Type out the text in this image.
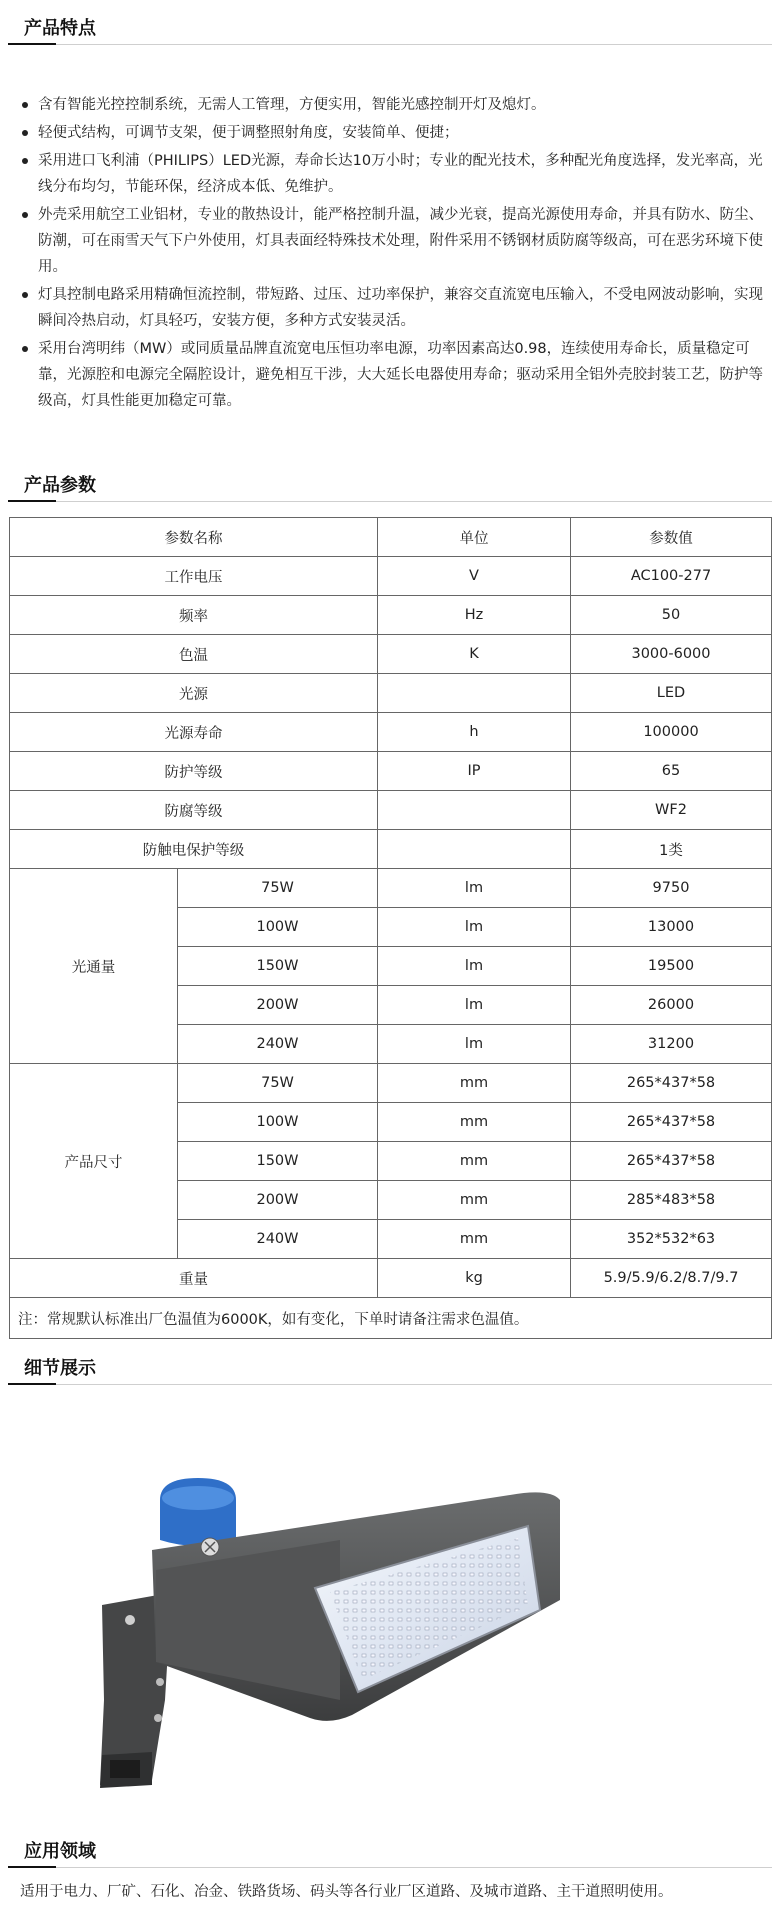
产品特点
含有智能光控控制系统，无需人工管理，方便实用，智能光感控制开灯及熄灯。
轻便式结构，可调节支架，便于调整照射角度，安装简单、便捷；
采用进口飞利浦（PHILIPS）LED光源，寿命长达10万小时；专业的配光技术，多种配光角度选择，发光率高，光线分布均匀，节能环保，经济成本低、免维护。
外壳采用航空工业铝材，专业的散热设计，能严格控制升温，减少光衰，提高光源使用寿命，并具有防水、防尘、防潮，可在雨雪天气下户外使用，灯具表面经特殊技术处理，附件采用不锈钢材质防腐等级高，可在恶劣环境下使用。
灯具控制电路采用精确恒流控制，带短路、过压、过功率保护，兼容交直流宽电压输入，不受电网波动影响，实现瞬间冷热启动，灯具轻巧，安装方便，多种方式安装灵活。
采用台湾明纬（MW）或同质量品牌直流宽电压恒功率电源，功率因素高达0.98，连续使用寿命长，质量稳定可靠，光源腔和电源完全隔腔设计，避免相互干涉，大大延长电器使用寿命；驱动采用全铝外壳胶封装工艺，防护等级高，灯具性能更加稳定可靠。
产品参数
参数名称		单位	参数值
工作电压		V	AC100-277
频率		Hz	50
色温		K	3000-6000
光源			LED
光源寿命		h	100000
防护等级		IP	65
防腐等级			WF2
防触电保护等级			1类
光通量	75W	lm	9750
	100W	lm	13000
	150W	lm	19500
	200W	lm	26000
	240W	lm	31200
产品尺寸	75W	mm	265*437*58
	100W	mm	265*437*58
	150W	mm	265*437*58
	200W	mm	285*483*58
	240W	mm	352*532*63
重量		kg	5.9/5.9/6.2/8.7/9.7
注：常规默认标准出厂色温值为6000K，如有变化，下单时请备注需求色温值。			
细节展示
应用领域
适用于电力、厂矿、石化、冶金、铁路货场、码头等各行业厂区道路、及城市道路、主干道照明使用。
